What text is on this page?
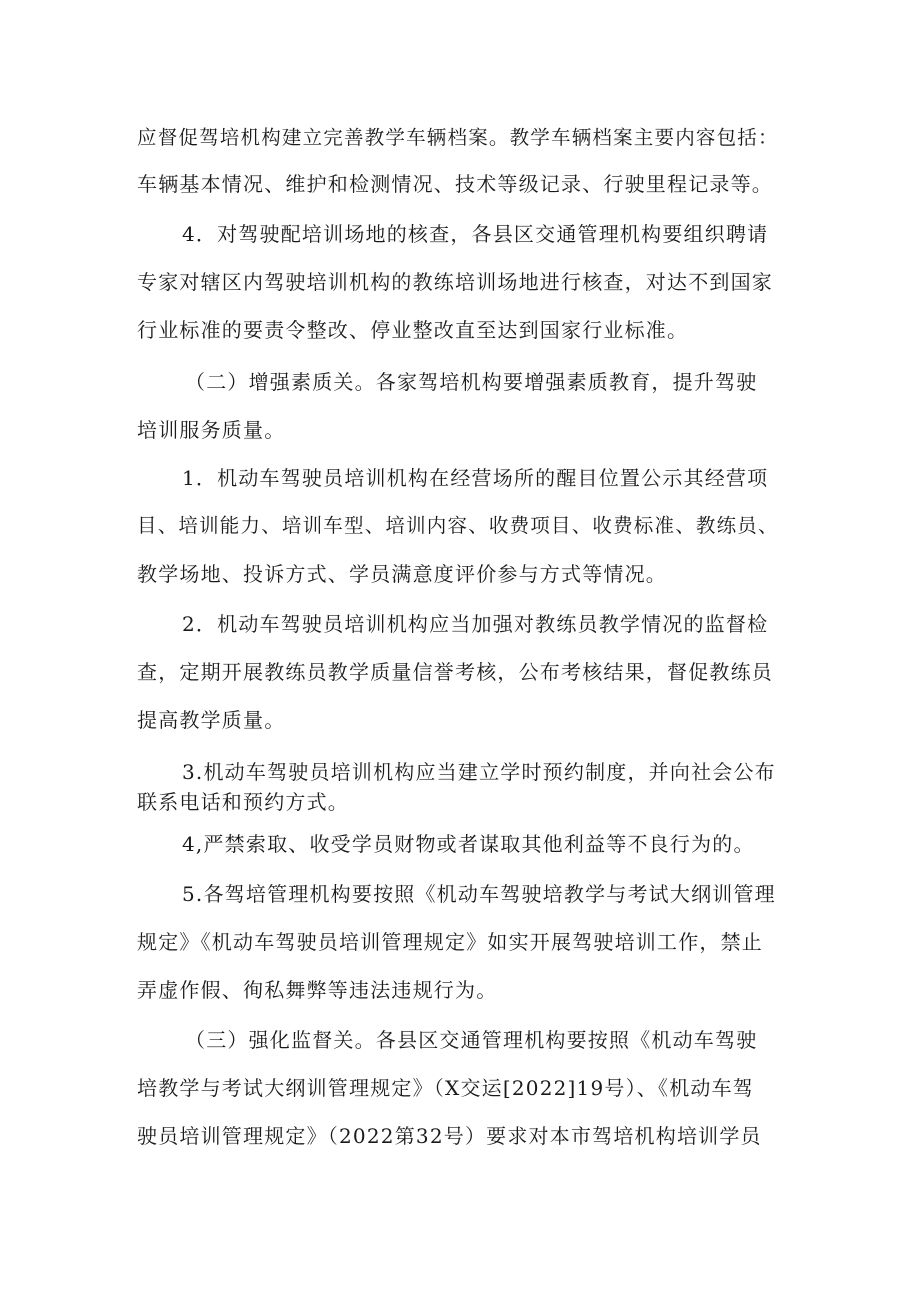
应督促驾培机构建立完善教学车辆档案。教学车辆档案主要内容包括：
车辆基本情况、维护和检测情况、技术等级记录、行驶里程记录等。
4．对驾驶配培训场地的核查，各县区交通管理机构要组织聘请
专家对辖区内驾驶培训机构的教练培训场地进行核查，对达不到国家
行业标准的要责令整改、停业整改直至达到国家行业标准。
（二）增强素质关。各家驾培机构要增强素质教育，提升驾驶
培训服务质量。
1．机动车驾驶员培训机构在经营场所的醒目位置公示其经营项
目、培训能力、培训车型、培训内容、收费项目、收费标准、教练员、
教学场地、投诉方式、学员满意度评价参与方式等情况。
2．机动车驾驶员培训机构应当加强对教练员教学情况的监督检
查，定期开展教练员教学质量信誉考核，公布考核结果，督促教练员
提高教学质量。
3.机动车驾驶员培训机构应当建立学时预约制度，并向社会公布
联系电话和预约方式。
4,严禁索取、收受学员财物或者谋取其他利益等不良行为的。
5.各驾培管理机构要按照《机动车驾驶培教学与考试大纲训管理
规定》《机动车驾驶员培训管理规定》如实开展驾驶培训工作，禁止
弄虚作假、徇私舞弊等违法违规行为。
（三）强化监督关。各县区交通管理机构要按照《机动车驾驶
培教学与考试大纲训管理规定》（X交运[2022]19号）、《机动车驾
驶员培训管理规定》（2022第32号）要求对本市驾培机构培训学员
